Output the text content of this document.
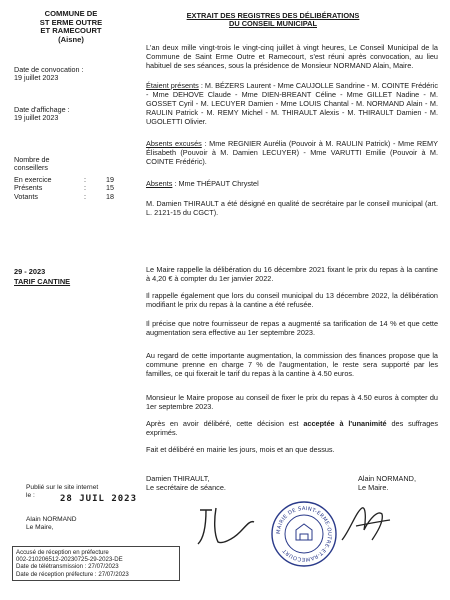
COMMUNE DE
ST ERME OUTRE
ET RAMECOURT
(Aisne)
EXTRAIT DES REGISTRES DES DÉLIBÉRATIONS
DU CONSEIL MUNICIPAL
Date de convocation :
19 juillet 2023
Date d'affichage :
19 juillet 2023
Nombre de
conseillers
En exercice	:	19
Présents	:	15
Votants	:	18

L'an deux mille vingt-trois le vingt-cinq juillet à vingt heures, Le Conseil Municipal de la Commune de Saint Erme Outre et Ramecourt, s'est réuni après convocation, au lieu habituel de ses séances, sous la présidence de Monsieur NORMAND Alain, Maire.

Étaient présents : M. BÉZERS Laurent - Mme CAUJOLLE Sandrine - M. COINTE Frédéric - Mme DEHOVE Claude - Mme DIEN-BREANT Céline - Mme GILLET Nadine - M. GOSSET Cyril - M. LECUYER Damien - Mme LOUIS Chantal - M. NORMAND Alain - M. RAULIN Patrick - M. REMY Michel - M. THIRAULT Alexis - M. THIRAULT Damien - M. UGOLETTI Olivier.

Absents excusés : Mme REGNIER Aurélia (Pouvoir à M. RAULIN Patrick) - Mme REMY Élisabeth (Pouvoir à M. Damien LECUYER) - Mme VARUTTI Emilie (Pouvoir à M. COINTE Frédéric).

Absents : Mme THÉPAUT Chrystel

M. Damien THIRAULT a été désigné en qualité de secrétaire par le conseil municipal (art. L. 2121-15 du CGCT).

29 - 2023
TARIF CANTINE

Le Maire rappelle la délibération du 16 décembre 2021 fixant le prix du repas à la cantine à 4,20 € à compter du 1er janvier 2022.

Il rappelle également que lors du conseil municipal du 13 décembre 2022, la délibération modifiant le prix du repas à la cantine a été refusée.

Il précise que notre fournisseur de repas a augmenté sa tarification de 14 % et que cette augmentation sera effective au 1er septembre 2023.

Au regard de cette importante augmentation, la commission des finances propose que la commune prenne en charge 7 % de l'augmentation, le reste sera supporté par les familles, ce qui fixerait le tarif du repas à la cantine à 4.50 euros.

Monsieur le Maire propose au conseil de fixer le prix du repas à 4.50 euros à compter du 1er septembre 2023.

Après en avoir délibéré, cette décision est acceptée à l'unanimité des suffrages exprimés.

Fait et délibéré en mairie les jours, mois et an que dessus.

Damien THIRAULT,
Le secrétaire de séance.
Alain NORMAND,
Le Maire.
Publié sur le site internet
le :	28 JUIL 2023
Alain NORMAND
Le Maire,
MAIRIE DE SAINT-ERME-OUTRE-ET-RAMECOURT
Accusé de réception en préfecture
002-210206512-20230725-29-2023-DE
Date de télétransmission : 27/07/2023
Date de réception préfecture : 27/07/2023
